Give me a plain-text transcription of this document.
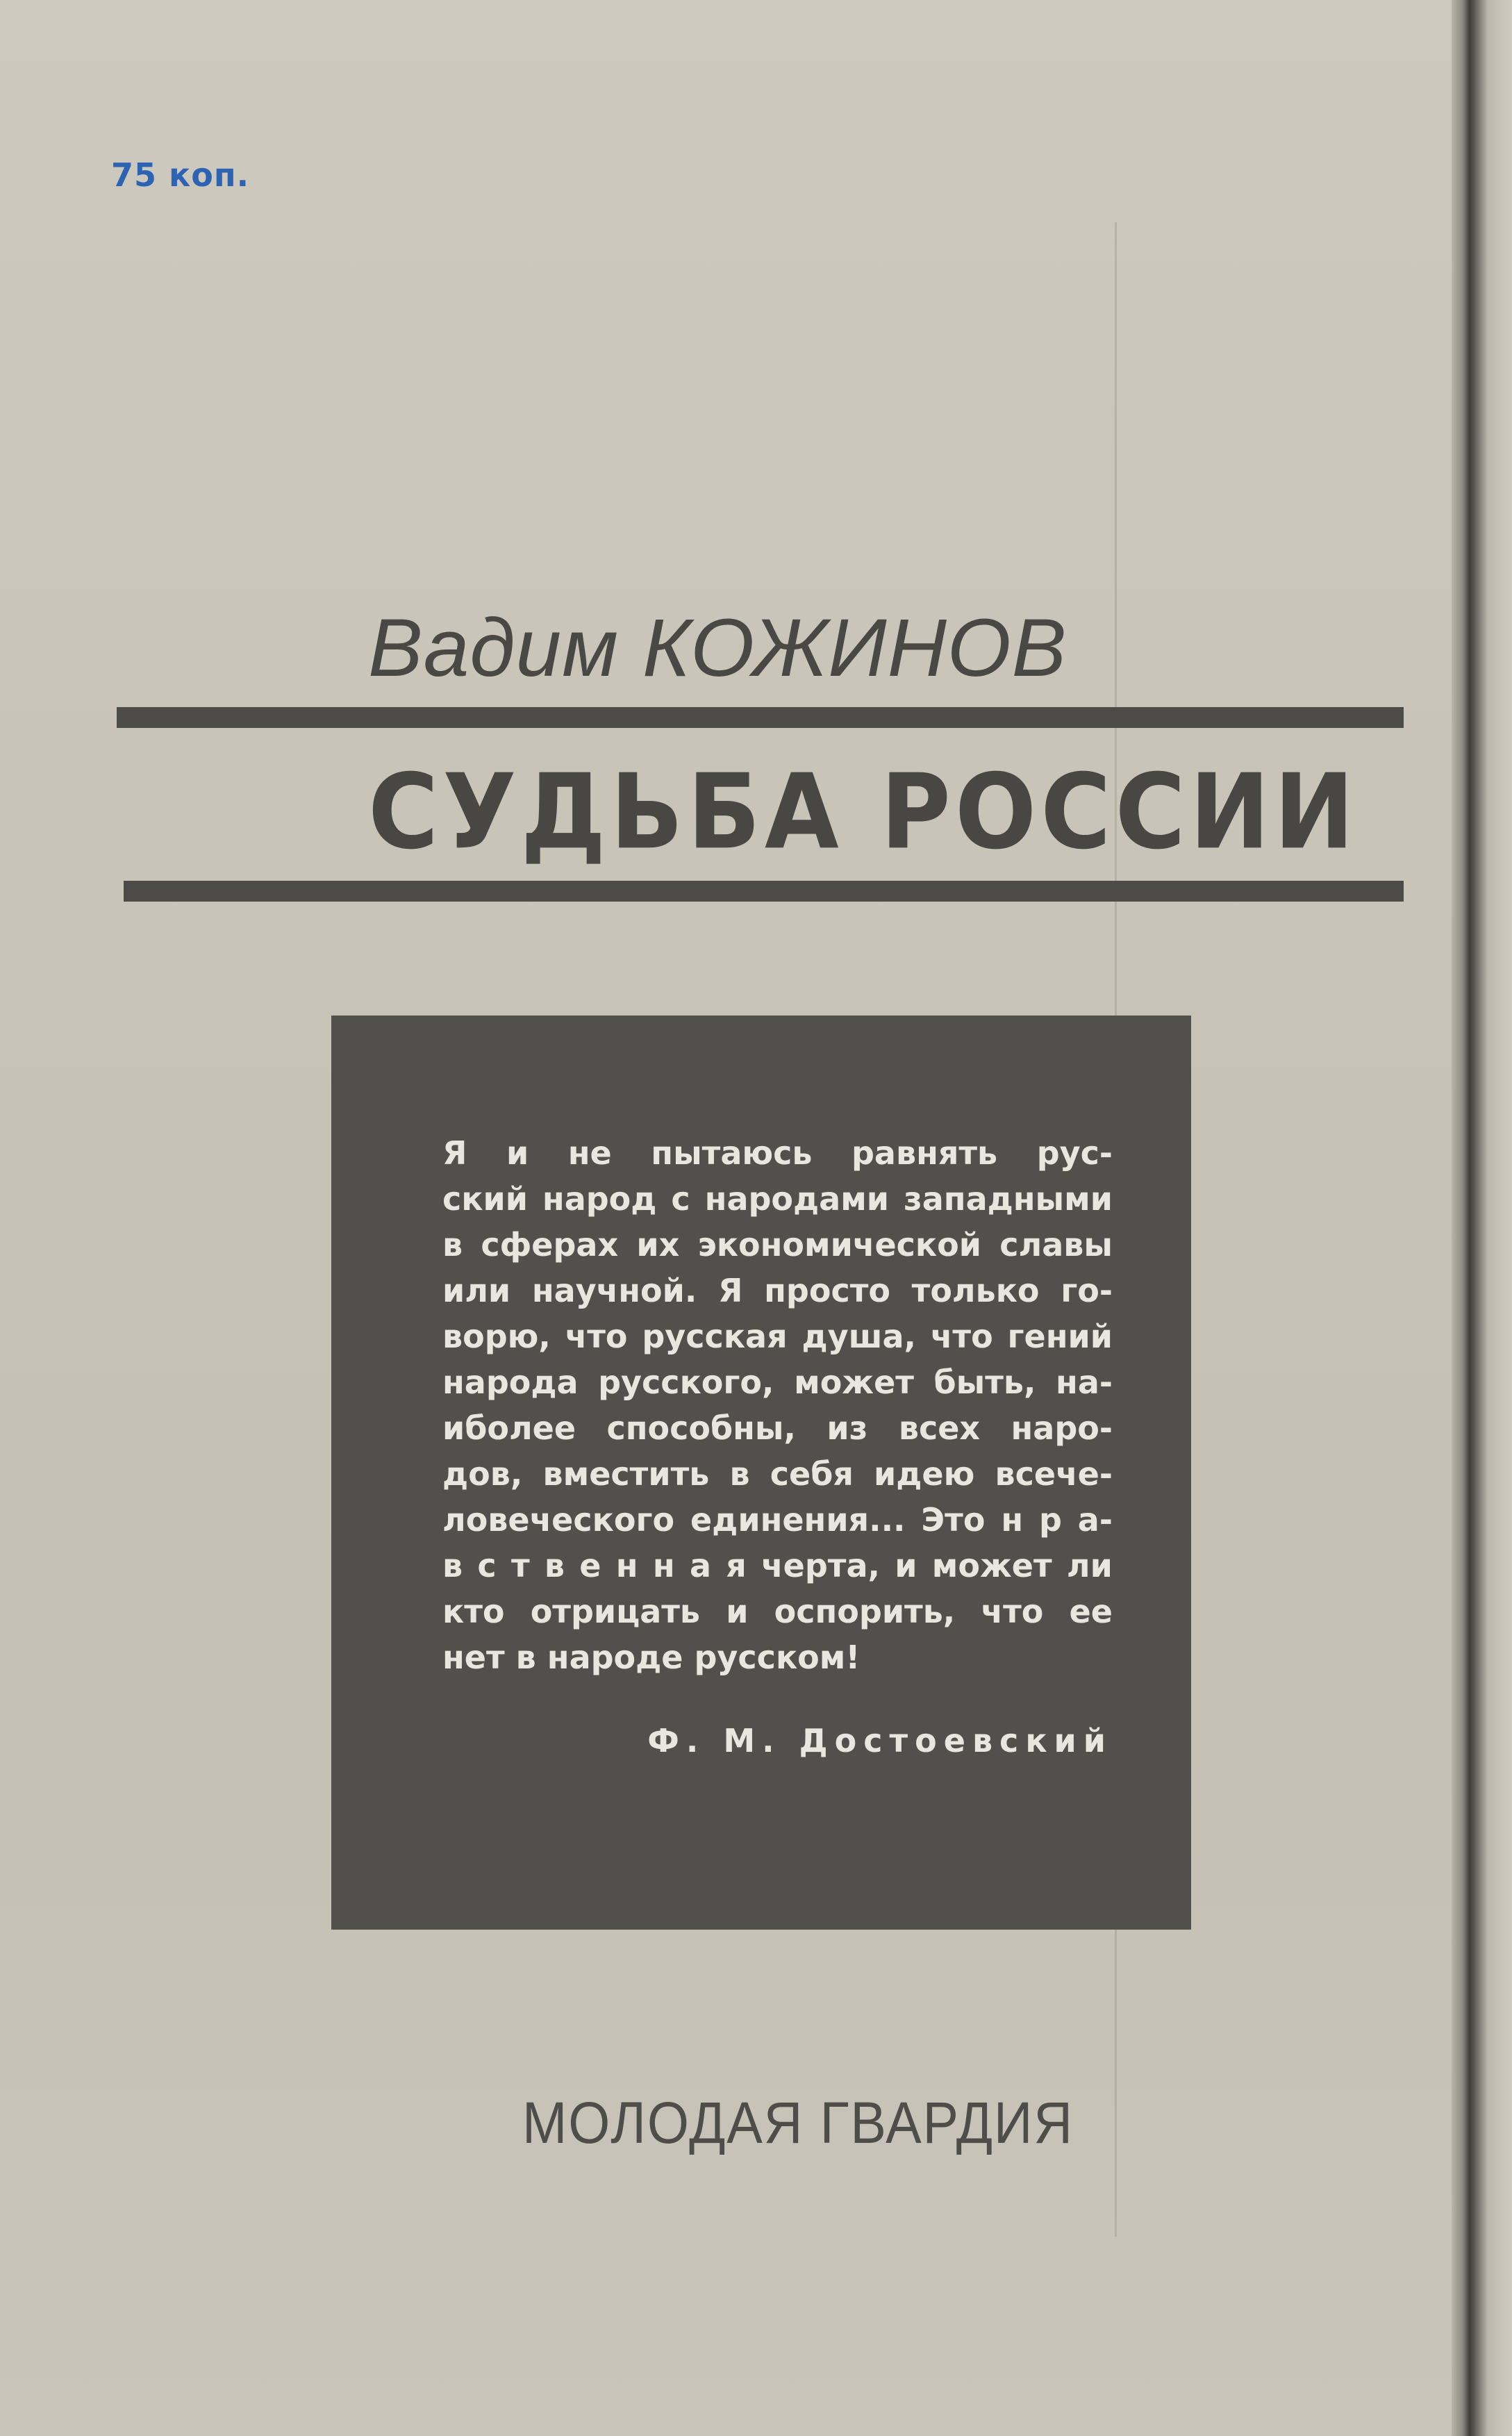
75 коп.
Вадим КОЖИНОВ
СУДЬБА РОССИИ
Я и не пытаюсь равнять рус-
ский народ с народами западными
в сферах их экономической славы
или научной. Я просто только го-
ворю, что русская душа, что гений
народа русского, может быть, на-
иболее способны, из всех наро-
дов, вместить в себя идею всече-
ловеческого единения... Это н р а-
в с т в е н н а я черта, и может ли
кто отрицать и оспорить, что ее
нет в народе русском!
Ф. М. Достоевский
МОЛОДАЯ ГВАРДИЯ
